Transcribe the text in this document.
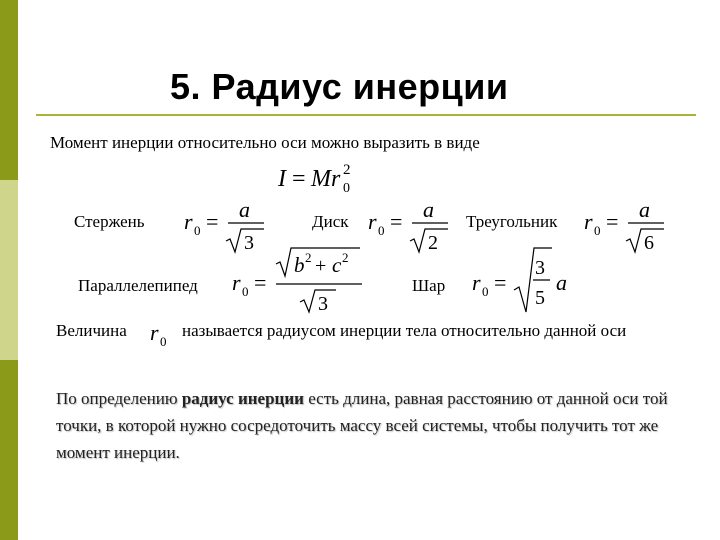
5. Радиус инерции
Момент инерции относительно оси можно выразить в виде
I = Mr 0
2
Стержень r 0 = a
3
Диск r 0 = a
2
Треугольник r 0 = a
6
Параллелепипед r 0 =
b 2 + c 2
3
Шар r 0 =
3
5
a
Величина r 0
называется радиусом инерции тела относительно данной оси
По определению радиус инерции есть длина, равная расстоянию от данной оси той точки, в которой нужно сосредоточить массу всей системы, чтобы получить тот же момент инерции.
